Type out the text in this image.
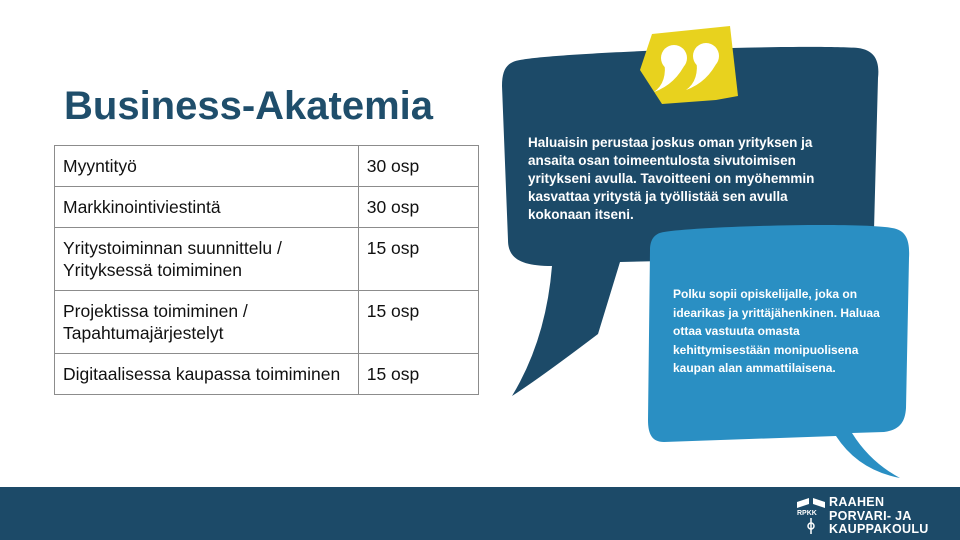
Business-Akatemia
Myyntityö	30 osp
Markkinointiviestintä	30 osp
Yritystoiminnan suunnittelu / Yrityksessä toimiminen	15 osp
Projektissa toimiminen / Tapahtumajärjestelyt	15 osp
Digitaalisessa kaupassa toimiminen	15 osp
Haluaisin perustaa joskus oman yrityksen ja ansaita osan toimeentulosta sivutoimisen yritykseni avulla. Tavoitteeni on myöhemmin kasvattaa yritystä ja työllistää sen avulla kokonaan itseni.
Polku sopii opiskelijalle, joka on idearikas ja yrittäjähenkinen. Haluaa ottaa vastuuta omasta kehittymisestään monipuolisena kaupan alan ammattilaisena.
RPKK
RAAHEN
PORVARI- JA
KAUPPAKOULU
